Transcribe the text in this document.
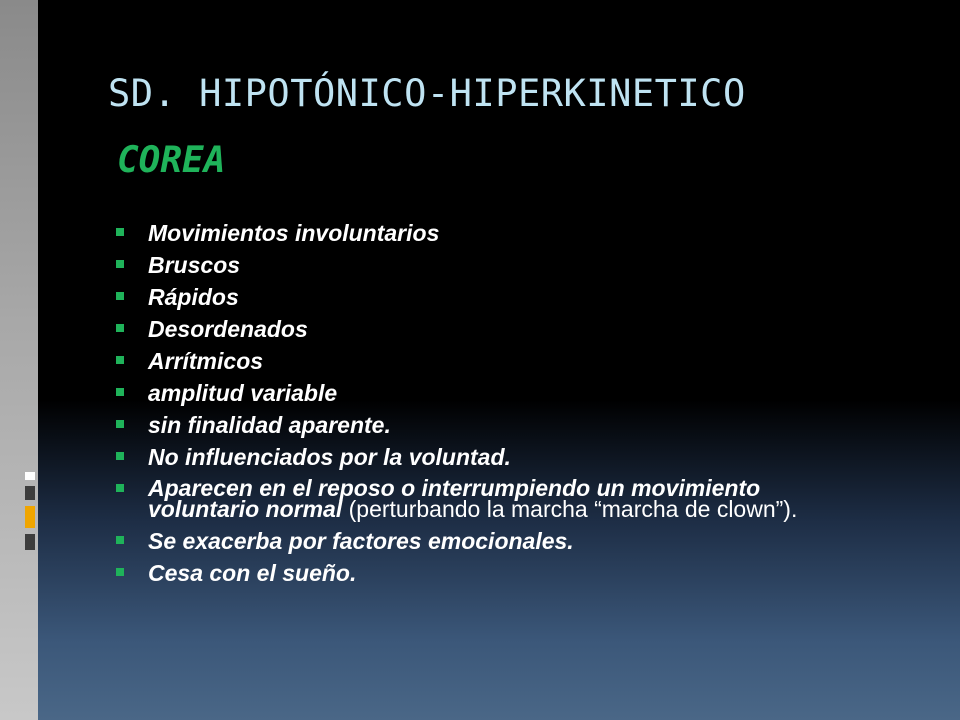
SD. HIPOTÓNICO-HIPERKINETICO
COREA
Movimientos involuntarios
Bruscos
Rápidos
Desordenados
Arrítmicos
amplitud variable
sin finalidad aparente.
No influenciados por la voluntad.
Aparecen en el reposo o interrumpiendo un movimiento voluntario normal (perturbando la marcha “marcha de clown”).
Se exacerba por factores emocionales.
Cesa con el sueño.
